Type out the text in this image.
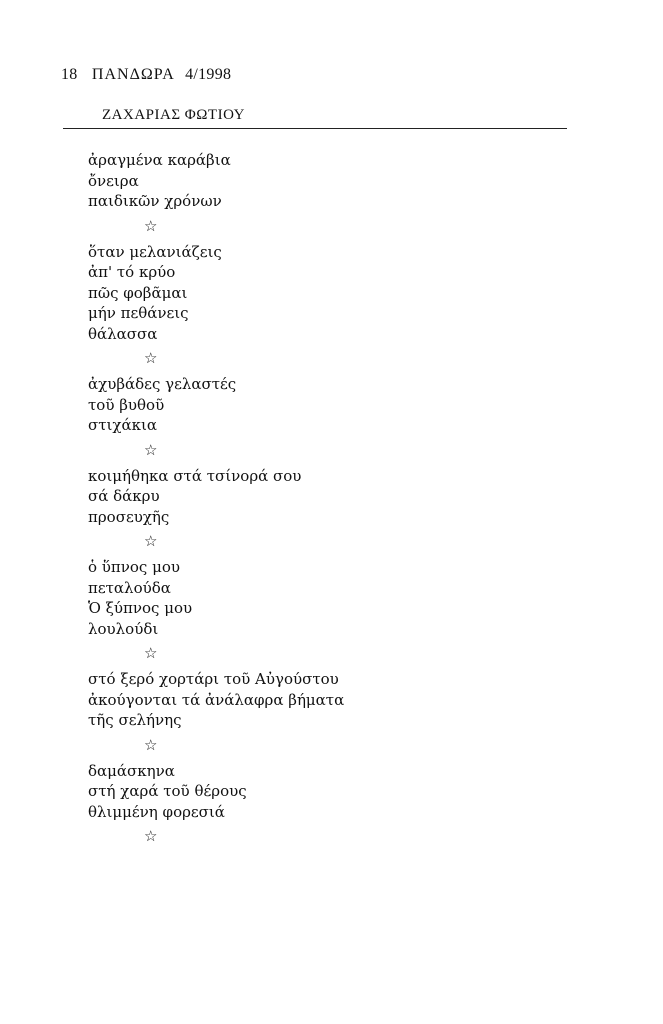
18 ΠΑΝΔΩΡΑ 4/1998
ΖΑΧΑΡΙΑΣ ΦΩΤΙΟΥ
ἀραγμένα καράβια
ὄνειρα
παιδικῶν χρόνων
☆
ὅταν μελανιάζεις
ἀπ' τό κρύο
πῶς φοβᾶμαι
μήν πεθάνεις
θάλασσα
☆
ἀχυβάδες γελαστές
τοῦ βυθοῦ
στιχάκια
☆
κοιμήθηκα στά τσίνορά σου
σά δάκρυ
προσευχῆς
☆
ὁ ὕπνος μου
πεταλούδα
Ὁ ξύπνος μου
λουλούδι
☆
στό ξερό χορτάρι τοῦ Αὐγούστου
ἀκούγονται τά ἀνάλαφρα βήματα
τῆς σελήνης
☆
δαμάσκηνα
στή χαρά τοῦ θέρους
θλιμμένη φορεσιά
☆
